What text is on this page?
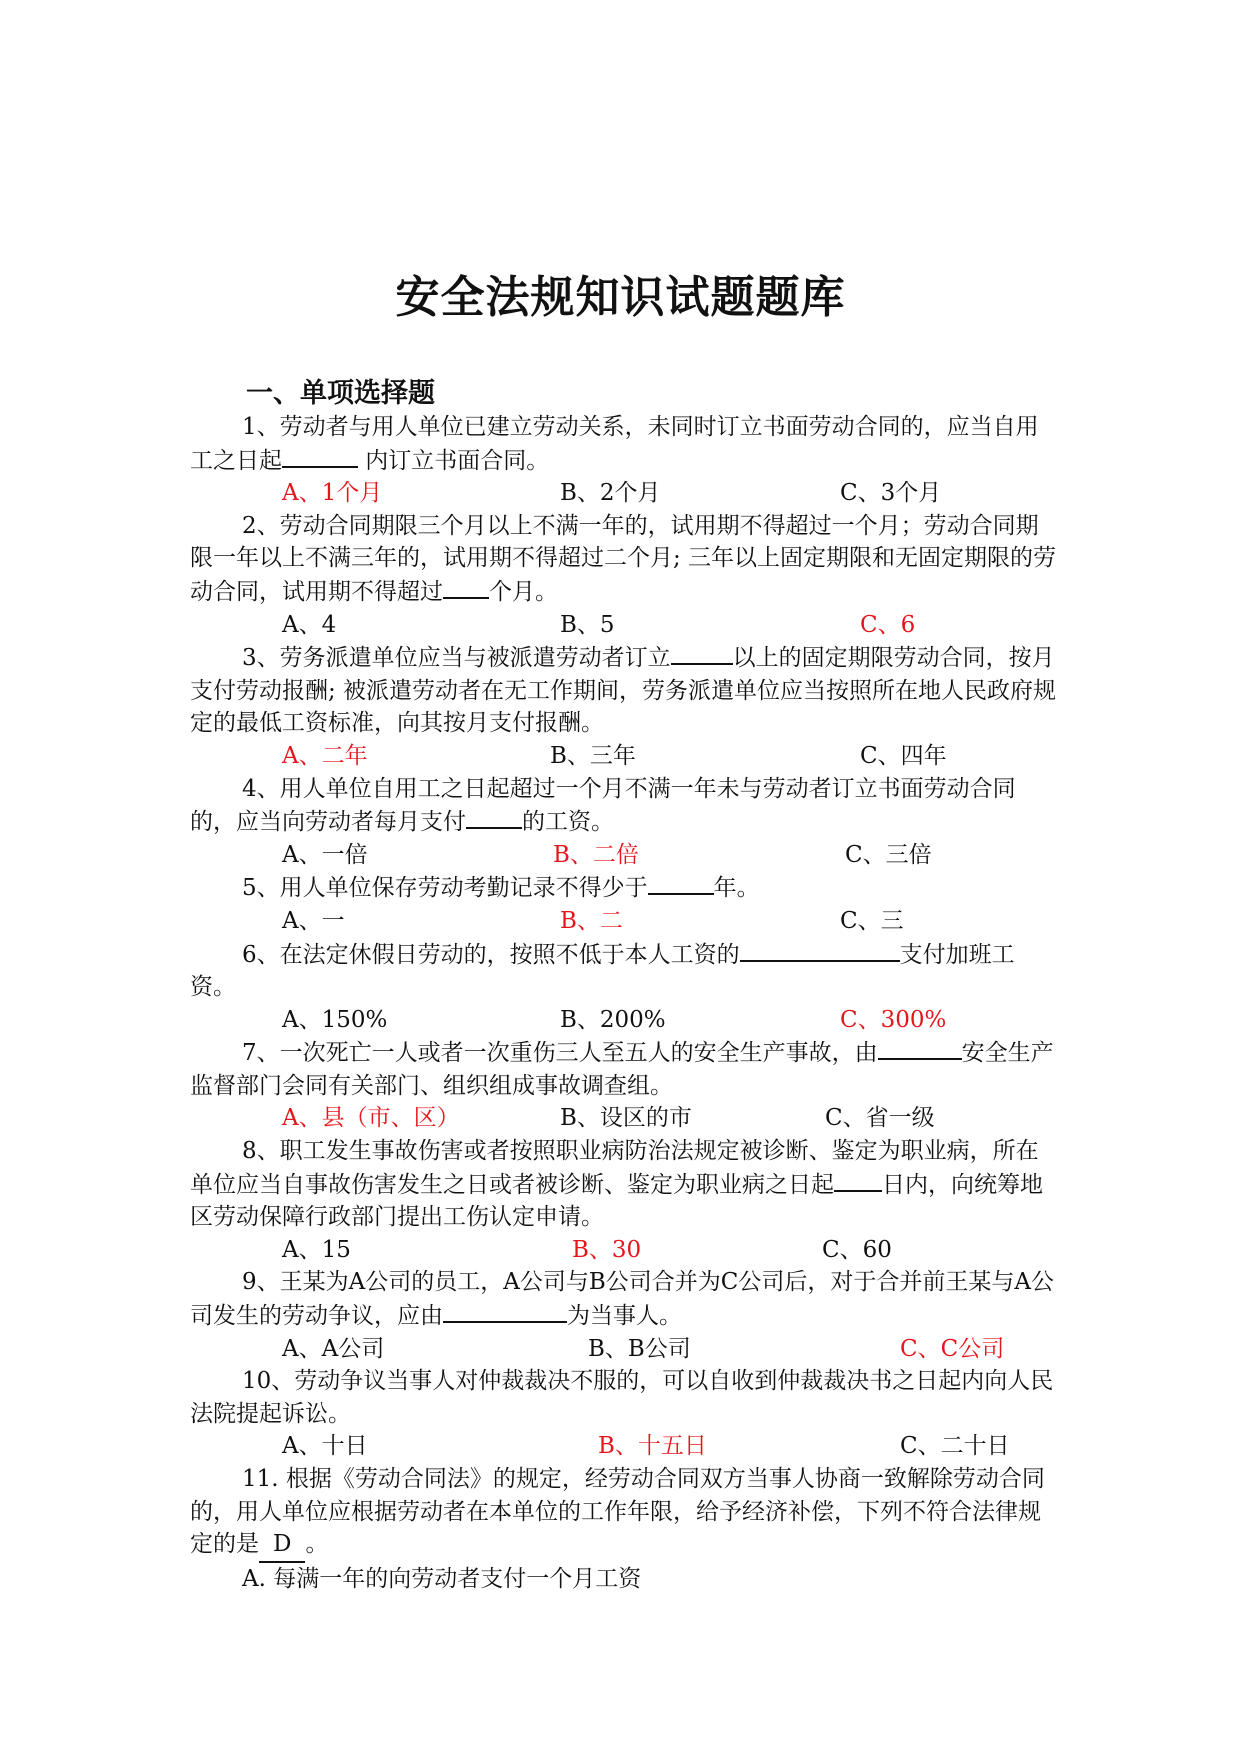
安全法规知识试题题库
一、单项选择题

1、劳动者与用人单位已建立劳动关系，未同时订立书面劳动合同的，应当自用工之日起	内订立书面合同。

A、1个月	B、2个月	C、3个月

2、劳动合同期限三个月以上不满一年的，试用期不得超过一个月；劳动合同期限一年以上不满三年的，试用期不得超过二个月; 三年以上固定期限和无固定期限的劳动合同，试用期不得超过 个月。

A、4	B、5	C、6

3、劳务派遣单位应当与被派遣劳动者订立	以上的固定期限劳动合同，按月支付劳动报酬; 被派遣劳动者在无工作期间，劳务派遣单位应当按照所在地人民政府规定的最低工资标准，向其按月支付报酬。

A、二年	B、三年	C、四年

4、用人单位自用工之日起超过一个月不满一年未与劳动者订立书面劳动合同的，应当向劳动者每月支付 的工资。

A、一倍	B、二倍	C、三倍

5、用人单位保存劳动考勤记录不得少于	年。

A、一	B、二	C、三

6、在法定休假日劳动的，按照不低于本人工资的	支付加班工资。

A、150%	B、200%	C、300%

7、一次死亡一人或者一次重伤三人至五人的安全生产事故，由	安全生产监督部门会同有关部门、组织组成事故调查组。

A、县（市、区）	B、设区的市	C、省一级

8、职工发生事故伤害或者按照职业病防治法规定被诊断、鉴定为职业病，所在单位应当自事故伤害发生之日或者被诊断、鉴定为职业病之日起 日内，向统筹地区劳动保障行政部门提出工伤认定申请。

A、15	B、30	C、60

9、王某为A公司的员工，A公司与B公司合并为C公司后，对于合并前王某与A公司发生的劳动争议，应由	为当事人。

A、A公司	B、B公司	C、C公司

10、劳动争议当事人对仲裁裁决不服的，可以自收到仲裁裁决书之日起内向人民法院提起诉讼。

A、十日	B、十五日	C、二十日

11. 根据《劳动合同法》的规定，经劳动合同双方当事人协商一致解除劳动合同的，用人单位应根据劳动者在本单位的工作年限，给予经济补偿，下列不符合法律规定的是 D 。

A. 每满一年的向劳动者支付一个月工资
